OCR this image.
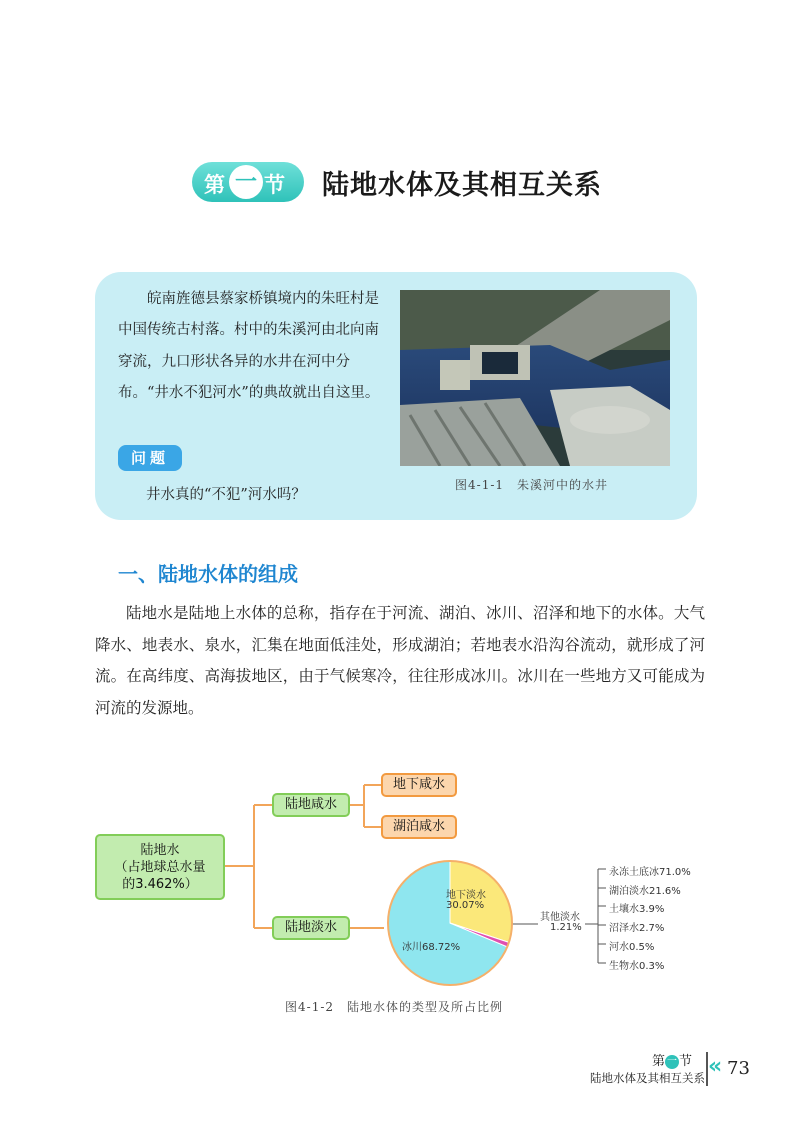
第 一 节 陆地水体及其相互关系

皖南旌德县蔡家桥镇境内的朱旺村是中国传统古村落。村中的朱溪河由北向南穿流，九口形状各异的水井在河中分布。“井水不犯河水”的典故就出自这里。

问题
井水真的“不犯”河水吗？
图4-1-1　朱溪河中的水井
一、陆地水体的组成

陆地水是陆地上水体的总称，指存在于河流、湖泊、冰川、沼泽和地下的水体。大气降水、地表水、泉水，汇集在地面低洼处，形成湖泊；若地表水沿沟谷流动，就形成了河流。在高纬度、高海拔地区，由于气候寒冷，往往形成冰川。冰川在一些地方又可能成为河流的发源地。

陆地水
（占地球总水量
的3.462%）
陆地咸水
地下咸水
湖泊咸水
陆地淡水
地下淡水
30.07%
冰川68.72%
其他淡水
1.21%
永冻土底冰71.0%
湖泊淡水21.6%
土壤水3.9%
沼泽水2.7%
河水0.5%
生物水0.3%
图4-1-2　陆地水体的类型及所占比例
第 一 节
陆地水体及其相互关系 « 73
